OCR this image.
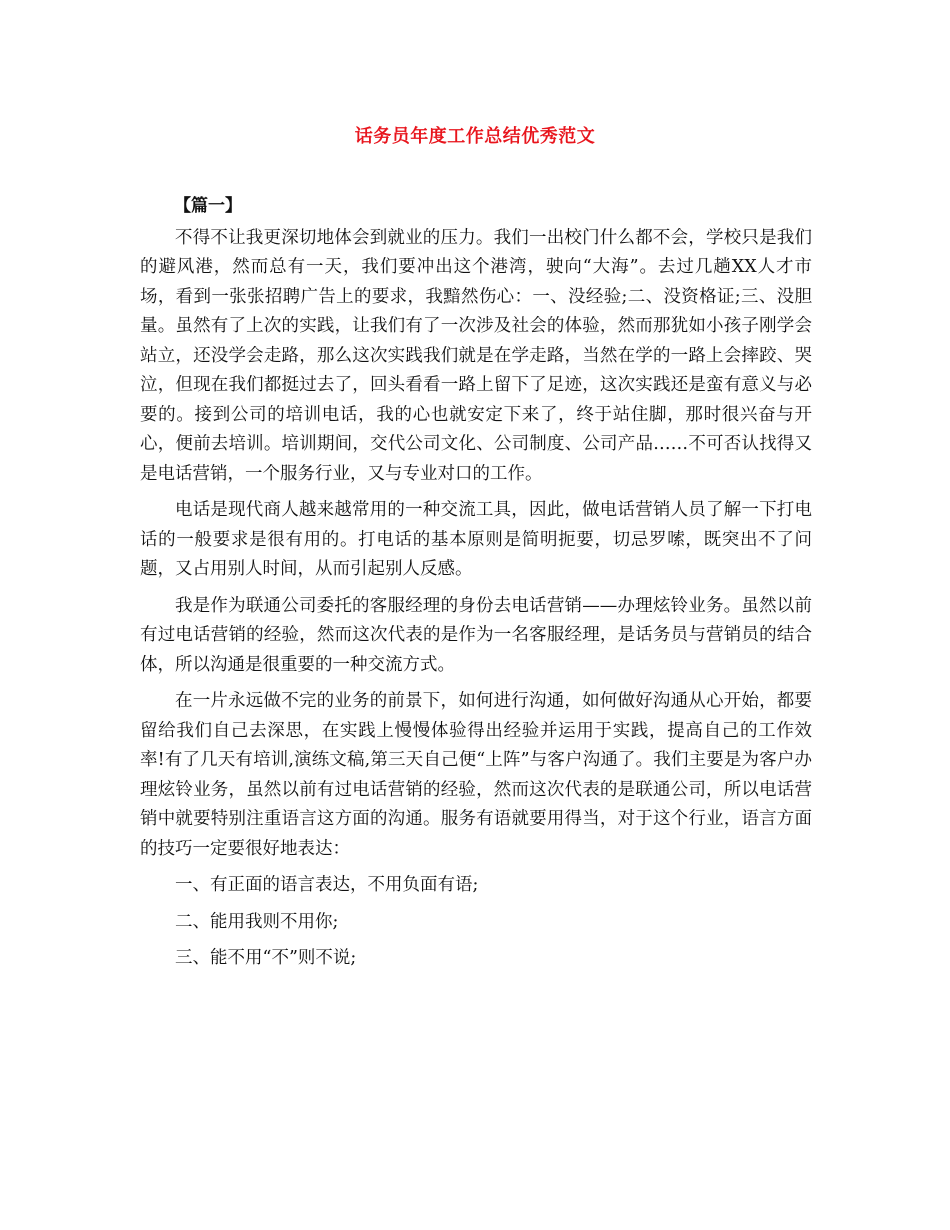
话务员年度工作总结优秀范文

【篇一】

不得不让我更深切地体会到就业的压力。我们一出校门什么都不会，学校只是我们的避风港，然而总有一天，我们要冲出这个港湾，驶向“大海”。去过几趟XX人才市场，看到一张张招聘广告上的要求，我黯然伤心：一、没经验;二、没资格证;三、没胆量。虽然有了上次的实践，让我们有了一次涉及社会的体验，然而那犹如小孩子刚学会站立，还没学会走路，那么这次实践我们就是在学走路，当然在学的一路上会摔跤、哭泣，但现在我们都挺过去了，回头看看一路上留下了足迹，这次实践还是蛮有意义与必要的。接到公司的培训电话，我的心也就安定下来了，终于站住脚，那时很兴奋与开心，便前去培训。培训期间，交代公司文化、公司制度、公司产品……不可否认找得又是电话营销，一个服务行业，又与专业对口的工作。

电话是现代商人越来越常用的一种交流工具，因此，做电话营销人员了解一下打电话的一般要求是很有用的。打电话的基本原则是简明扼要，切忌罗嗦，既突出不了问题，又占用别人时间，从而引起别人反感。

我是作为联通公司委托的客服经理的身份去电话营销——办理炫铃业务。虽然以前有过电话营销的经验，然而这次代表的是作为一名客服经理，是话务员与营销员的结合体，所以沟通是很重要的一种交流方式。

在一片永远做不完的业务的前景下，如何进行沟通，如何做好沟通从心开始，都要留给我们自己去深思，在实践上慢慢体验得出经验并运用于实践，提高自己的工作效率!有了几天有培训,演练文稿,第三天自己便“上阵”与客户沟通了。我们主要是为客户办理炫铃业务，虽然以前有过电话营销的经验，然而这次代表的是联通公司，所以电话营销中就要特别注重语言这方面的沟通。服务有语就要用得当，对于这个行业，语言方面的技巧一定要很好地表达：

一、有正面的语言表达，不用负面有语;

二、能用我则不用你;

三、能不用“不”则不说;
